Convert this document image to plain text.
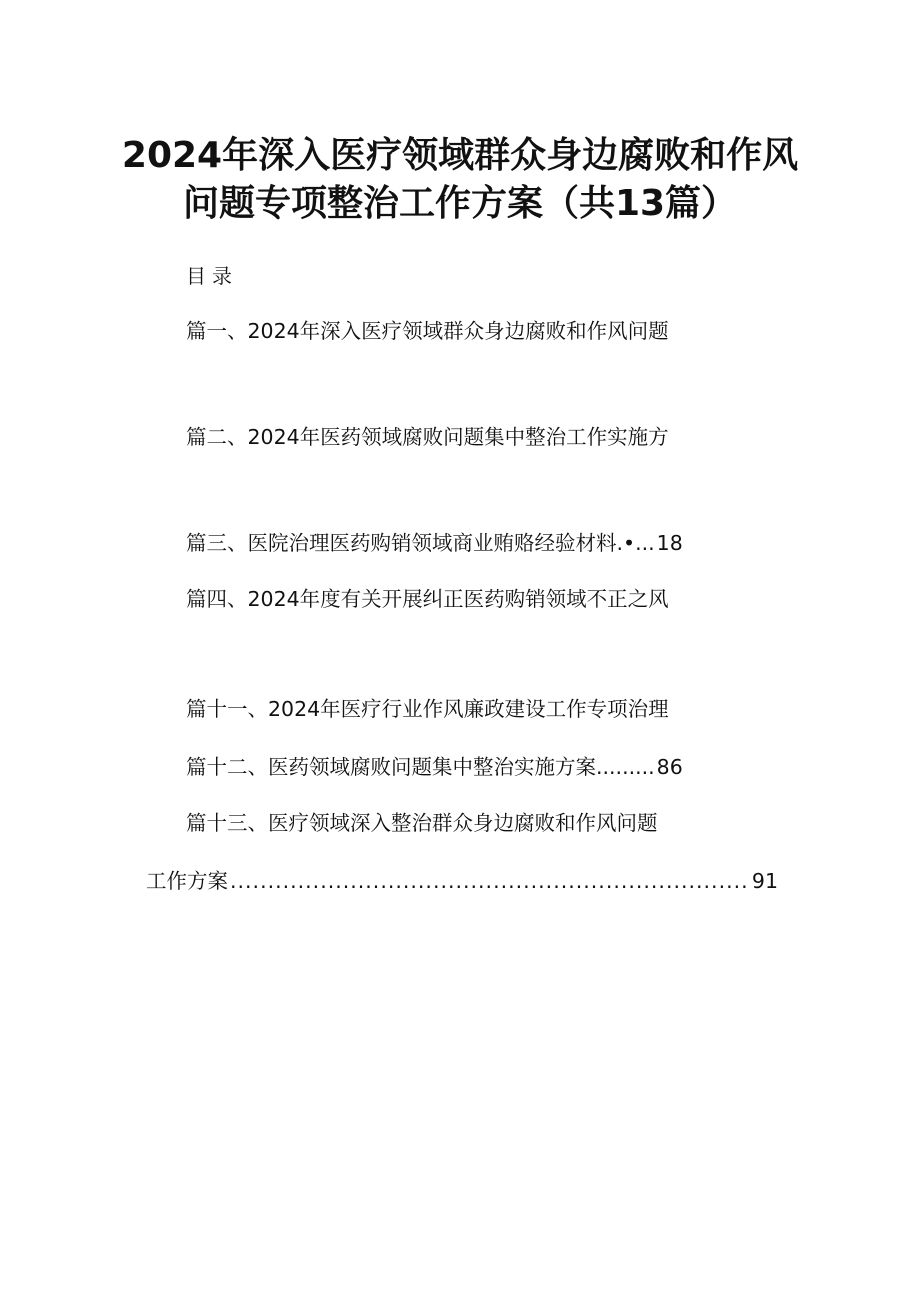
2024年深入医疗领域群众身边腐败和作风
问题专项整治工作方案（共13篇）
目录
篇一、2024年深入医疗领域群众身边腐败和作风问题
篇二、2024年医药领域腐败问题集中整治工作实施方
篇三、医院治理医药购销领域商业贿赂经验材料.•...18
篇四、2024年度有关开展纠正医药购销领域不正之风
篇十一、2024年医疗行业作风廉政建设工作专项治理
篇十二、医药领域腐败问题集中整治实施方案.........86
篇十三、医疗领域深入整治群众身边腐败和作风问题
工作方案 .....	91
